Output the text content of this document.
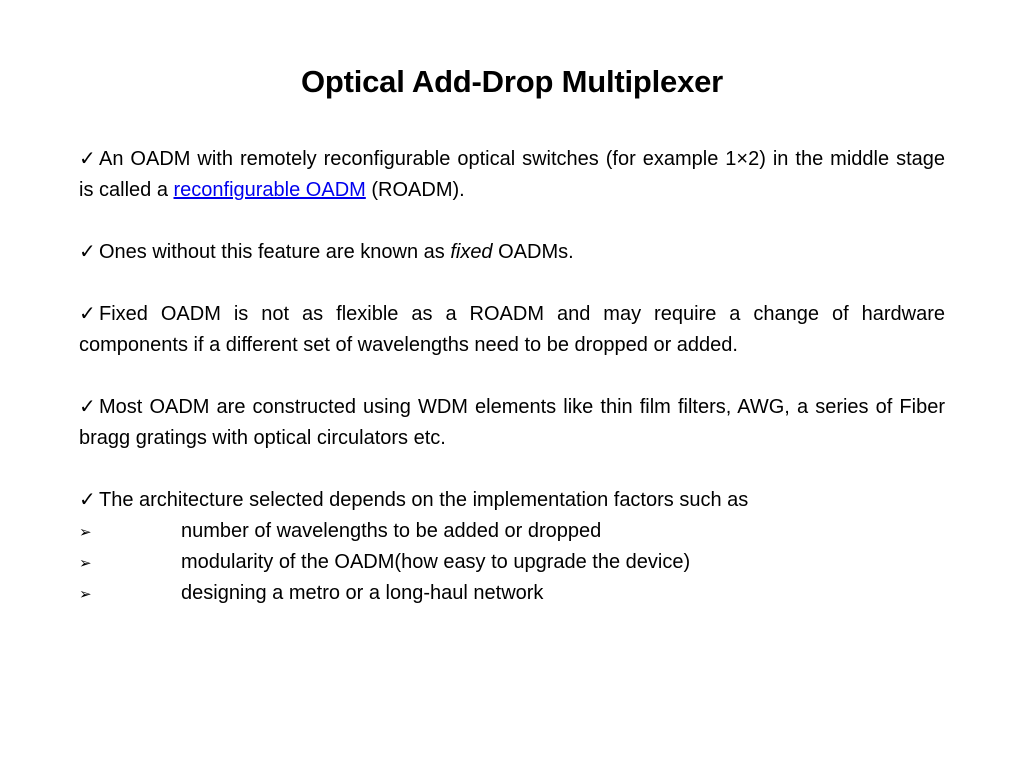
Optical Add-Drop Multiplexer

✓ An OADM with remotely reconfigurable optical switches (for example 1×2) in the middle stage is called a reconfigurable OADM (ROADM).

✓ Ones without this feature are known as fixed OADMs.

✓ Fixed OADM is not as flexible as a ROADM and may require a change of hardware components if a different set of wavelengths need to be dropped or added.

✓ Most OADM are constructed using WDM elements like thin film filters, AWG, a series of Fiber bragg gratings with optical circulators etc.

✓ The architecture selected depends on the implementation factors such as
➢	number of wavelengths to be added or dropped
➢	modularity of the OADM(how easy to upgrade the device)
➢	designing a metro or a long-haul network
